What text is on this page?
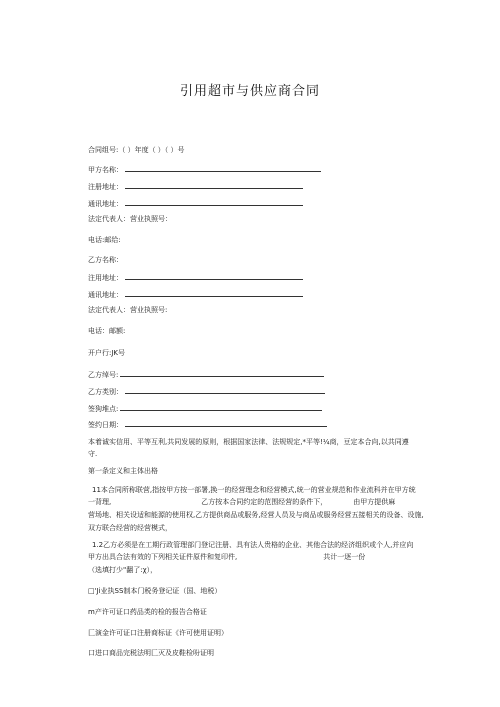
引用超市与供应商合同
合同组号:（ ）年度（ ）（ ）号
甲方名称：
注册地址：
通讯地址：
法定代表人：营业执照号：
电话:邮给:
乙方名称：
注用地址：
通讯地址：
法定代表人：营业执照号:
电话：邮额:
开户行:JK号
乙方绰号:
乙方类别：
签狗堆点:
签约日期：
本着诚实信用、平等互利,共同发展的原则，根据国家法律、法规规定,*平等!¼商，豆定本合向,以共同遵
守.
第一条定义和主体出格
11本合同所称联营,指按甲方按一部署,换一的经营理念和经营模式,统一的营业规范和作业流科并在甲方统
一背理,	乙方按本合同约定的范围经营的条件下，	由甲方提供麻
营场地、相关设适和能源的使用权,乙方提供商品或服务,经营人员及与商品或服务经营五接相关的设备、设施,
双方联合经营的经营模式，
1.2乙方必须是在工期行政管理部门登记注册、具有法人贵格的企业、其他合法的经济组织或个人,并应向
甲方出具合法有效的下列相关证件原件和复印件,	共计一逐一份
（选填打少"翻了:χ），
□'Ji业执SS制本门税务登记证（国、地税）
m产许可证口药品类的检的报告合格证
匚演金许可证口注册商标证《许可使用证明）
口进口商品完税法明匚灭及皮鞋检吩证明
